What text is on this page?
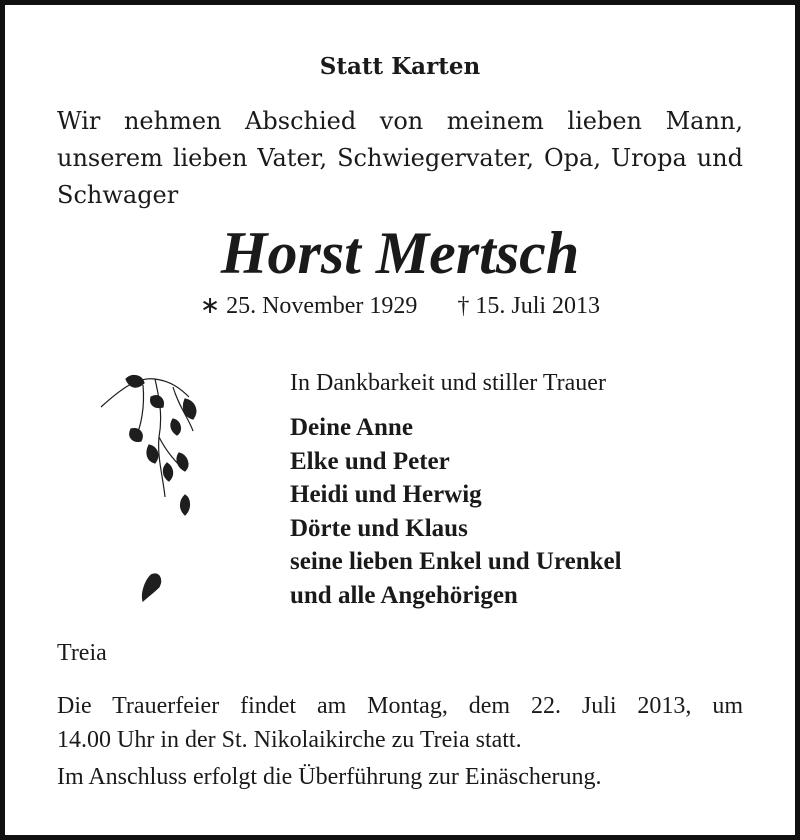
Statt Karten

Wir nehmen Abschied von meinem lieben Mann, unserem lieben Vater, Schwiegervater, Opa, Uropa und Schwager

Horst Mertsch
∗ 25. November 1929 † 15. Juli 2013
In Dankbarkeit und stiller Trauer
Deine Anne
Elke und Peter
Heidi und Herwig
Dörte und Klaus
seine lieben Enkel und Urenkel
und alle Angehörigen
Treia

Die Trauerfeier findet am Montag, dem 22. Juli 2013, um
14.00 Uhr in der St. Nikolaikirche zu Treia statt.

Im Anschluss erfolgt die Überführung zur Einäscherung.
